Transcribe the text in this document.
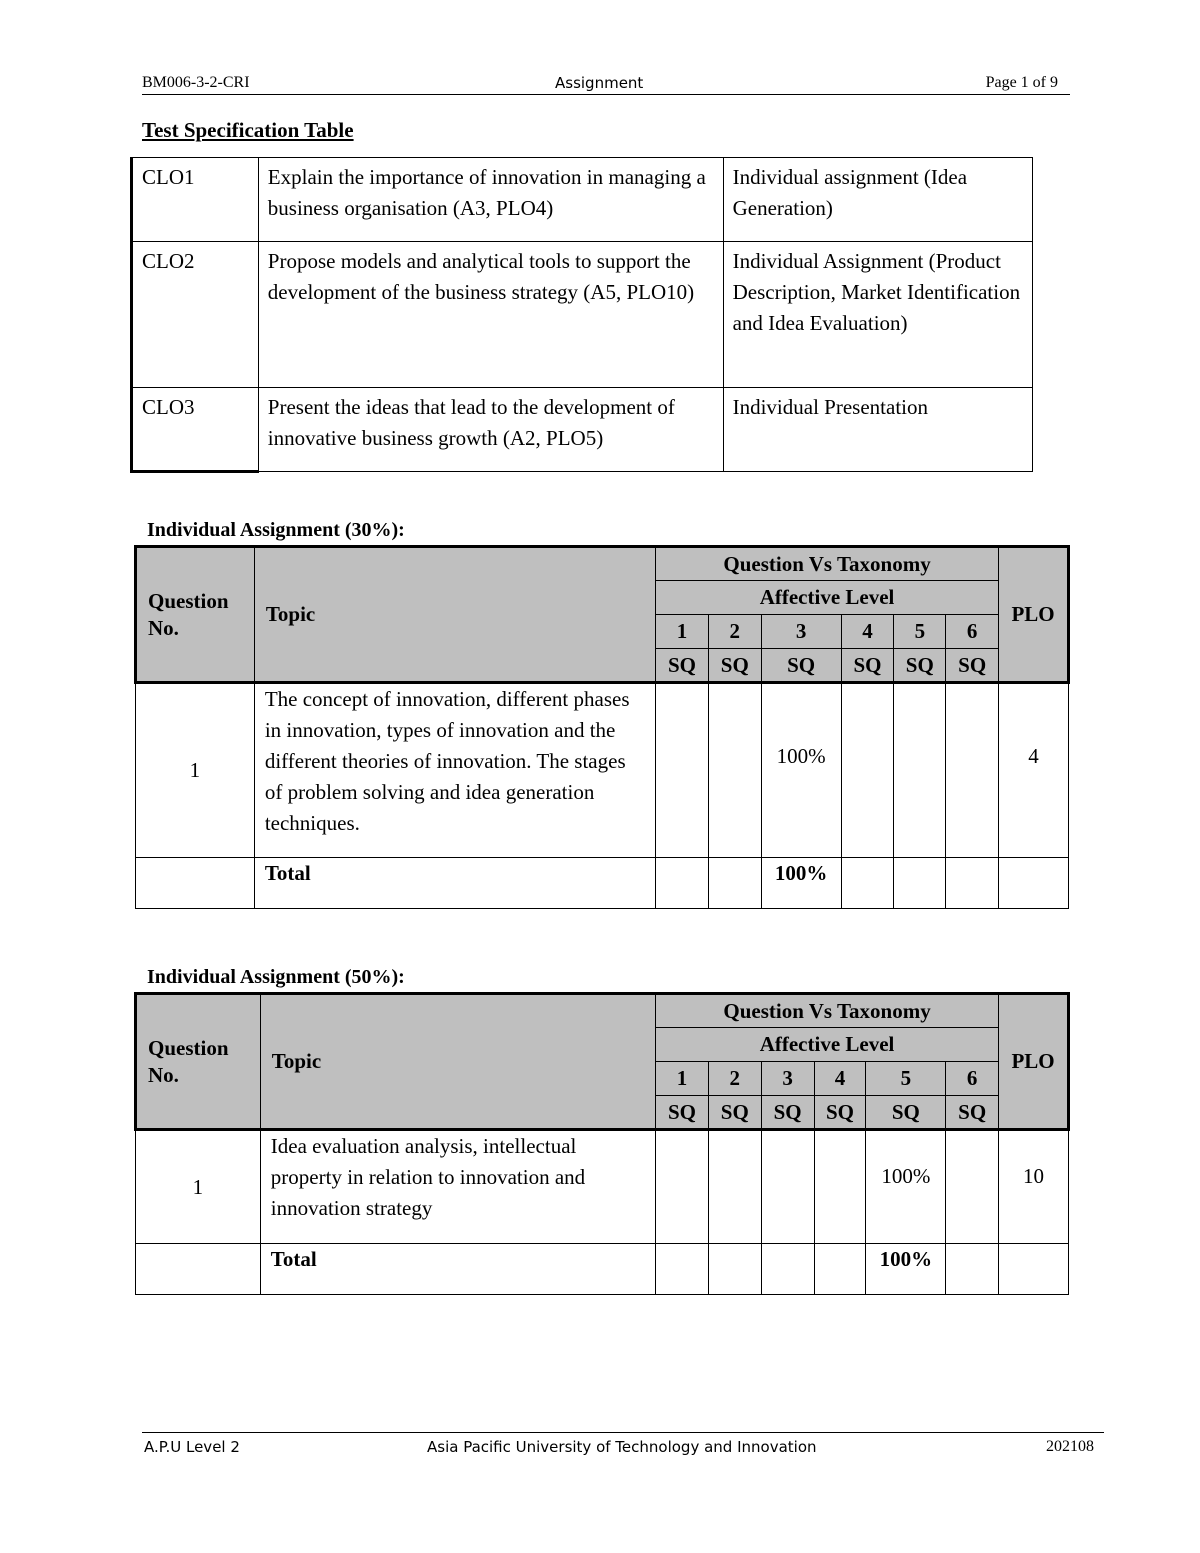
BM006-3-2-CRI	Assignment	Page 1 of 9
Test Specification Table
CLO1	Explain the importance of innovation in managing a business organisation (A3, PLO4)	Individual assignment (Idea Generation)
CLO2	Propose models and analytical tools to support the development of the business strategy (A5, PLO10)	Individual Assignment (Product Description, Market Identification and Idea Evaluation)
CLO3	Present the ideas that lead to the development of innovative business growth (A2, PLO5)	Individual Presentation
Individual Assignment (30%):
Question No.	Topic	Question Vs Taxonomy						PLO
		Affective Level						
		1	2	3	4	5	6	
		SQ	SQ	SQ	SQ	SQ	SQ	
1	The concept of innovation, different phases in innovation, types of innovation and the different theories of innovation. The stages of problem solving and idea generation techniques.			100%				4
	Total			100%				
Individual Assignment (50%):
Question No.	Topic	Question Vs Taxonomy						PLO
		Affective Level						
		1	2	3	4	5	6	
		SQ	SQ	SQ	SQ	SQ	SQ	
1	Idea evaluation analysis, intellectual property in relation to innovation and innovation strategy					100%		10
	Total					100%		
A.P.U Level 2	Asia Pacific University of Technology and Innovation	202108
